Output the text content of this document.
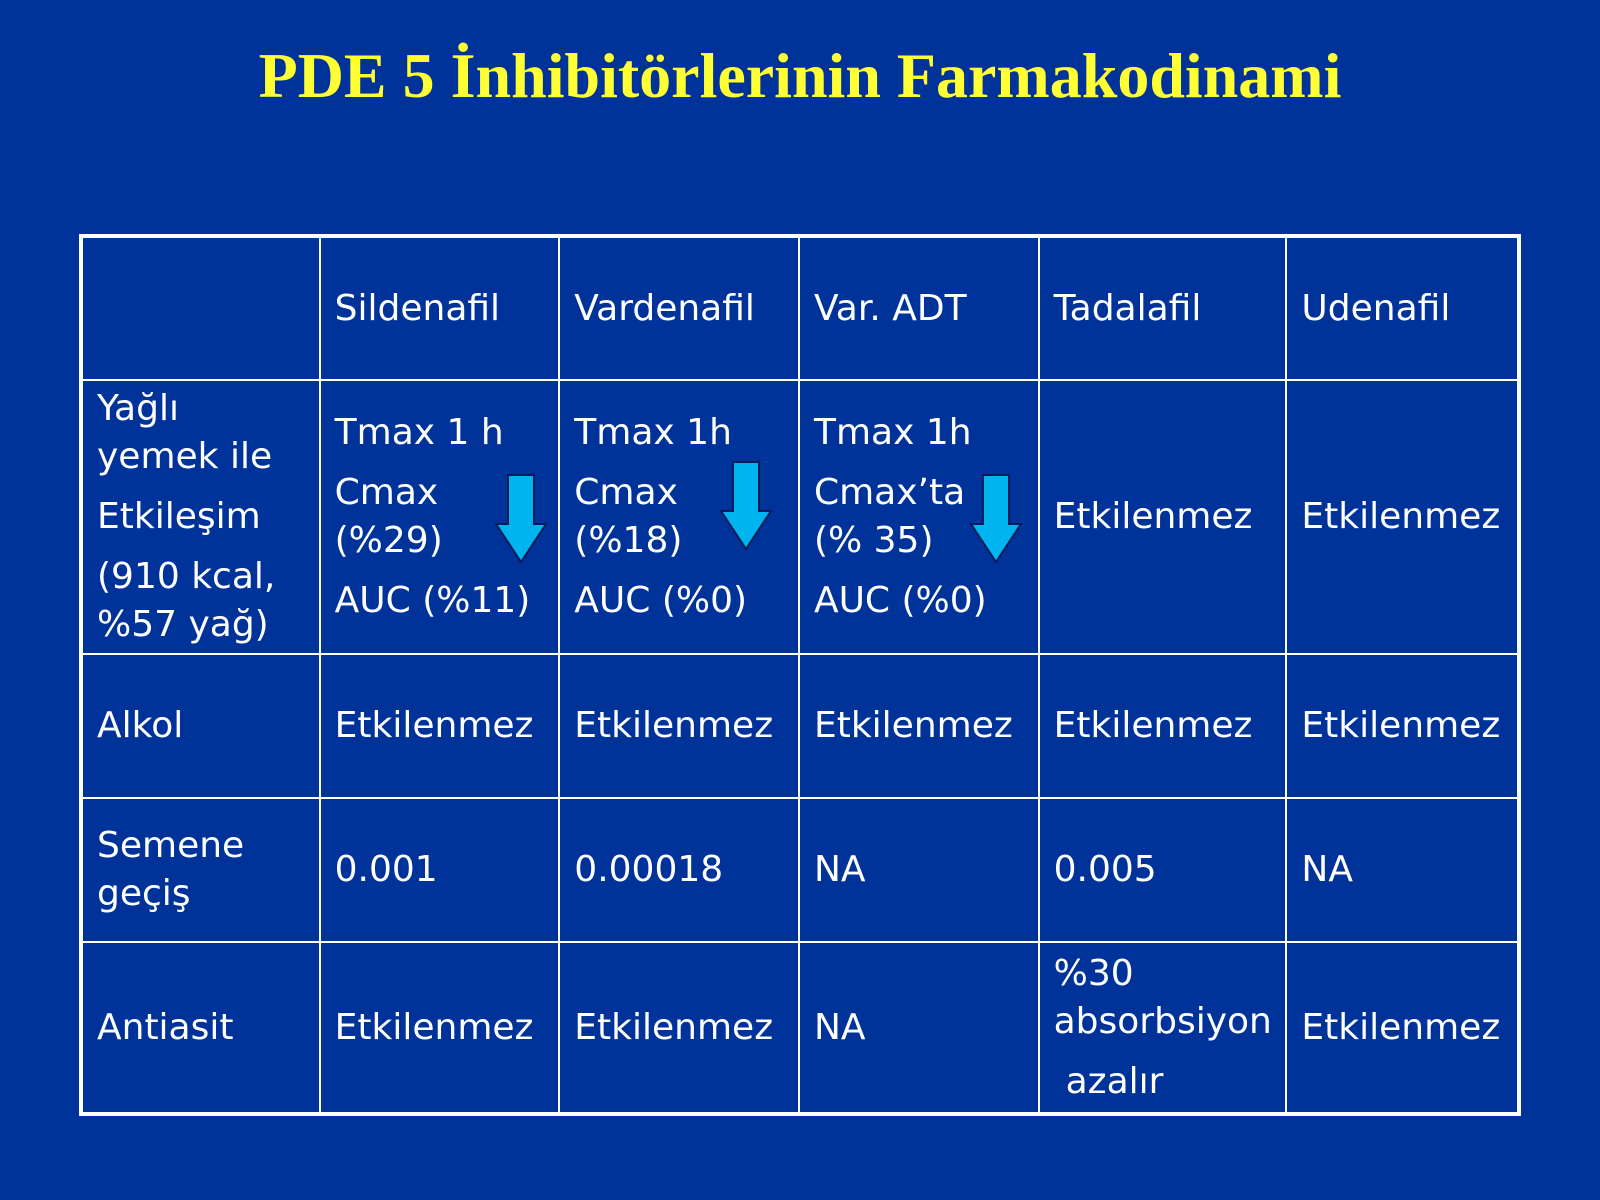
PDE 5 İnhibitörlerinin Farmakodinami
	Sildenafil	Vardenafil	Var. ADT	Tadalafil	Udenafil

Yağlı
yemek ile
Etkileşim
(910 kcal,
%57 yağ)	Tmax 1 h
Cmax
(%29)
AUC (%11)	Tmax 1h
Cmax
(%18)
AUC (%0)	Tmax 1h
Cmax’ta
(% 35)
AUC (%0)	Etkilenmez	Etkilenmez
Alkol	Etkilenmez	Etkilenmez	Etkilenmez	Etkilenmez	Etkilenmez

Semene
geçiş	0.001	0.00018	NA	0.005	NA
Antiasit	Etkilenmez	Etkilenmez	NA	%30
absorbsiyon
azalır	Etkilenmez
